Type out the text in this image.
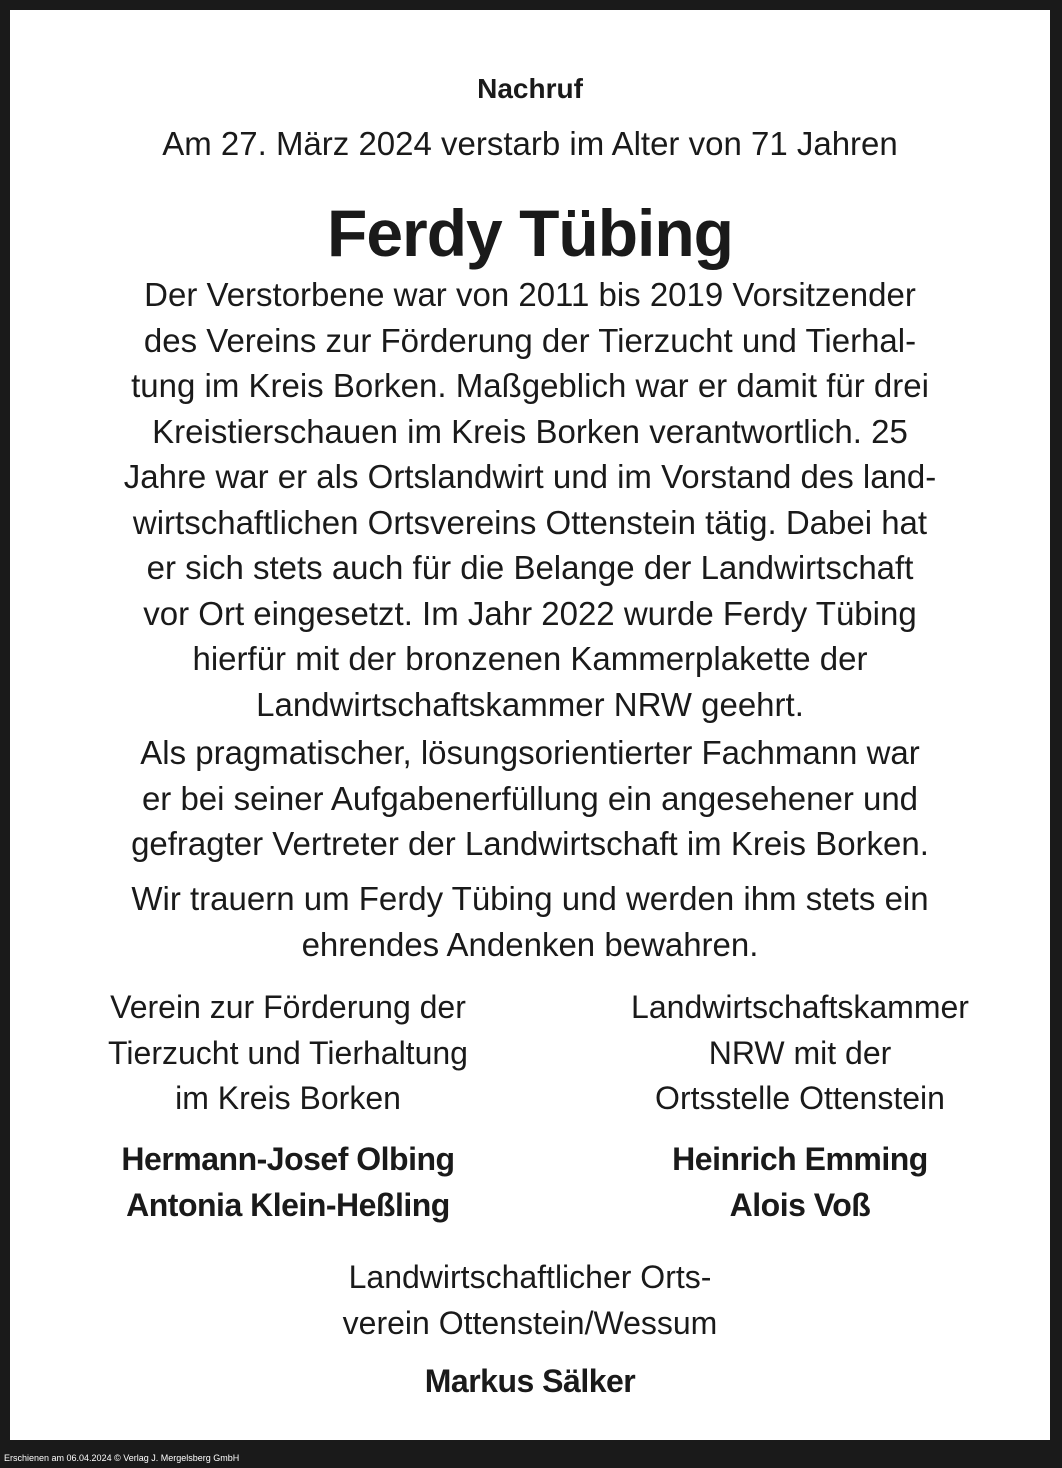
Nachruf
Am 27. März 2024 verstarb im Alter von 71 Jahren
Ferdy Tübing
Der Verstorbene war von 2011 bis 2019 Vorsitzender
des Vereins zur Förderung der Tierzucht und Tierhal-
tung im Kreis Borken. Maßgeblich war er damit für drei
Kreistierschauen im Kreis Borken verantwortlich. 25
Jahre war er als Ortslandwirt und im Vorstand des land-
wirtschaftlichen Ortsvereins Ottenstein tätig. Dabei hat
er sich stets auch für die Belange der Landwirtschaft
vor Ort eingesetzt. Im Jahr 2022 wurde Ferdy Tübing
hierfür mit der bronzenen Kammerplakette der
Landwirtschaftskammer NRW geehrt.
Als pragmatischer, lösungsorientierter Fachmann war
er bei seiner Aufgabenerfüllung ein angesehener und
gefragter Vertreter der Landwirtschaft im Kreis Borken.
Wir trauern um Ferdy Tübing und werden ihm stets ein
ehrendes Andenken bewahren.
Verein zur Förderung der
Tierzucht und Tierhaltung
im Kreis Borken
Landwirtschaftskammer
NRW mit der
Ortsstelle Ottenstein
Hermann-Josef Olbing
Antonia Klein-Heßling
Heinrich Emming
Alois Voß
Landwirtschaftlicher Orts-
verein Ottenstein/Wessum
Markus Sälker
Erschienen am 06.04.2024 © Verlag J. Mergelsberg GmbH
